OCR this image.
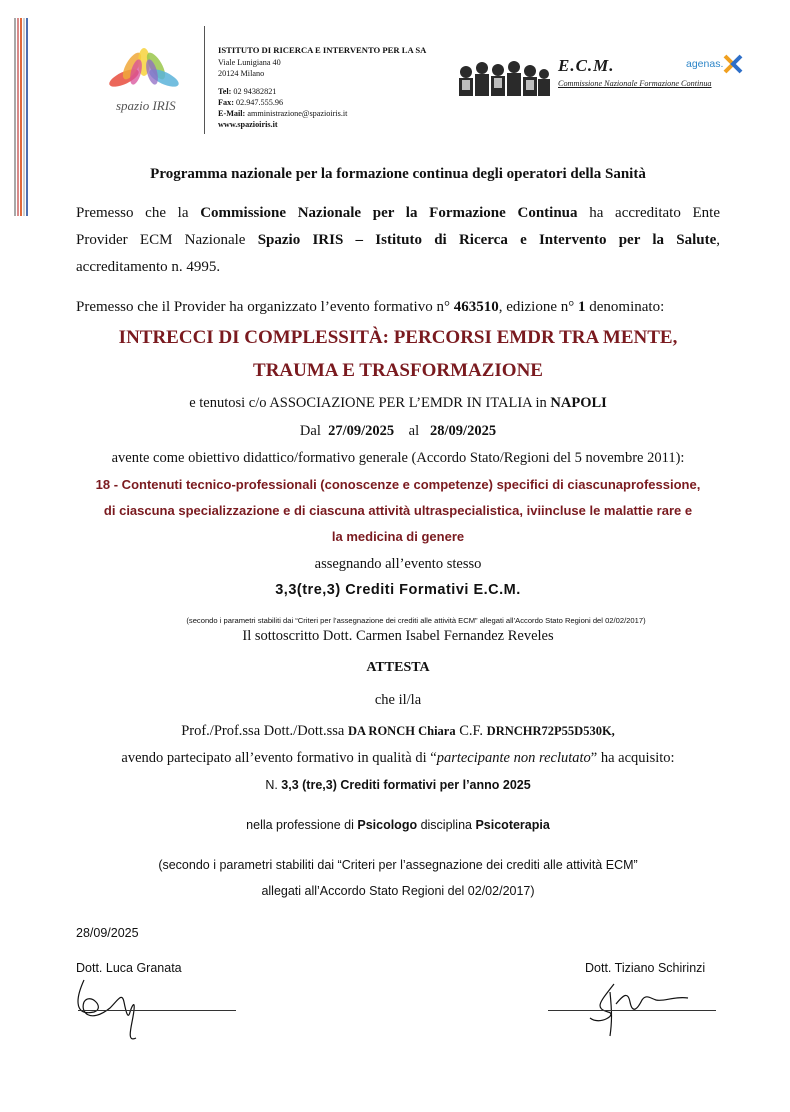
spazio IRIS
ISTITUTO DI RICERCA E INTERVENTO PER LA SA
Viale Lunigiana 40
20124 Milano
Tel: 02 94382821
Fax: 02.947.555.96
E-Mail: amministrazione@spazioiris.it
www.spazioiris.it
E.C.M.
Commissione Nazionale Formazione Continua
agenas.
Programma nazionale per la formazione continua degli operatori della Sanità
Premesso che la Commissione Nazionale per la Formazione Continua ha accreditato Ente
Provider ECM Nazionale Spazio IRIS – Istituto di Ricerca e Intervento per la Salute,
accreditamento n. 4995.
Premesso che il Provider ha organizzato l’evento formativo n° 463510, edizione n° 1 denominato:
INTRECCI DI COMPLESSITÀ: PERCORSI EMDR TRA MENTE,
TRAUMA E TRASFORMAZIONE
e tenutosi c/o ASSOCIAZIONE PER L’EMDR IN ITALIA in NAPOLI
Dal 27/09/2025 al 28/09/2025
avente come obiettivo didattico/formativo generale (Accordo Stato/Regioni del 5 novembre 2011):
18 - Contenuti tecnico-professionali (conoscenze e competenze) specifici di ciascunaprofessione,
di ciascuna specializzazione e di ciascuna attività ultraspecialistica, iviincluse le malattie rare e
la medicina di genere
assegnando all’evento stesso
3,3(tre,3) Crediti Formativi E.C.M.
(secondo i parametri stabiliti dai “Criteri per l’assegnazione dei crediti alle attività ECM” allegati all’Accordo Stato Regioni del 02/02/2017)
Il sottoscritto Dott. Carmen Isabel Fernandez Reveles
ATTESTA
che il/la
Prof./Prof.ssa Dott./Dott.ssa DA RONCH Chiara C.F. DRNCHR72P55D530K,
avendo partecipato all’evento formativo in qualità di “partecipante non reclutato” ha acquisito:
N. 3,3 (tre,3) Crediti formativi per l’anno 2025
nella professione di Psicologo disciplina Psicoterapia
(secondo i parametri stabiliti dai “Criteri per l’assegnazione dei crediti alle attività ECM”
allegati all’Accordo Stato Regioni del 02/02/2017)
28/09/2025
Dott. Luca Granata	Dott. Tiziano Schirinzi
